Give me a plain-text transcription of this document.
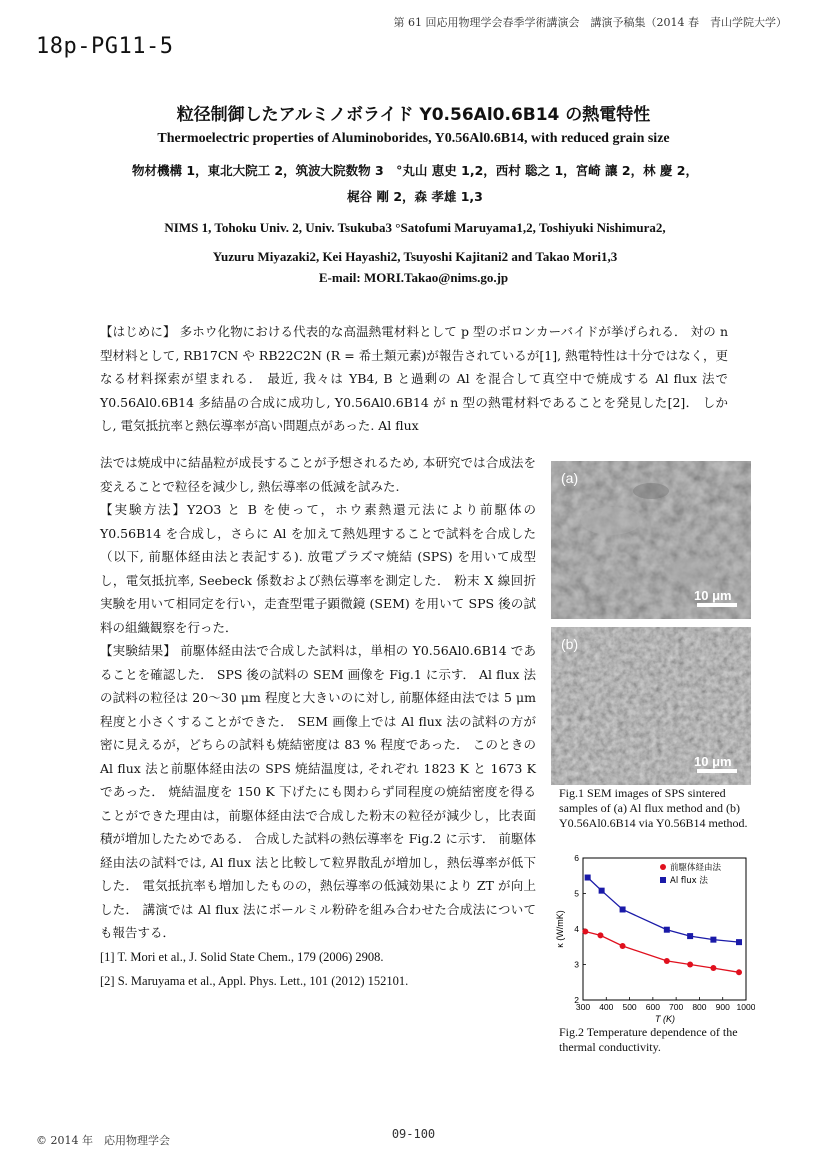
第 61 回応用物理学会春季学術講演会　講演予稿集（2014 春　青山学院大学）
18p-PG11-5
粒径制御したアルミノボライド Y0.56Al0.6B14 の熱電特性
Thermoelectric properties of Aluminoborides, Y0.56Al0.6B14, with reduced grain size
物材機構 1，東北大院工 2，筑波大院数物 3　°丸山 恵史 1,2，西村 聡之 1，宮崎 讓 2，林 慶 2，
梶谷 剛 2，森 孝雄 1,3
NIMS 1, Tohoku Univ. 2, Univ. Tsukuba3 °Satofumi Maruyama1,2, Toshiyuki Nishimura2,
Yuzuru Miyazaki2, Kei Hayashi2, Tsuyoshi Kajitani2 and Takao Mori1,3
E-mail: MORI.Takao@nims.go.jp

【はじめに】 多ホウ化物における代表的な高温熱電材料として p 型のボロンカーバイドが挙げられる． 対の n 型材料として, RB17CN や RB22C2N (R = 希土類元素)が報告されているが[1], 熱電特性は十分ではなく，更なる材料探索が望まれる． 最近, 我々は YB4, B と過剰の Al を混合して真空中で焼成する Al flux 法で Y0.56Al0.6B14 多結晶の合成に成功し, Y0.56Al0.6B14 が n 型の熱電材料であることを発見した[2]． しかし, 電気抵抗率と熱伝導率が高い問題点があった. Al flux

法では焼成中に結晶粒が成長することが予想されるため, 本研究では合成法を変えることで粒径を減少し, 熱伝導率の低減を試みた.

【実験方法】Y2O3 と B を使って，ホウ素熱還元法により前駆体の Y0.56B14 を合成し，さらに Al を加えて熱処理することで試料を合成した（以下, 前駆体経由法と表記する). 放電プラズマ焼結 (SPS) を用いて成型し，電気抵抗率, Seebeck 係数および熱伝導率を測定した． 粉末 X 線回折実験を用いて相同定を行い，走査型電子顕微鏡 (SEM) を用いて SPS 後の試料の組織観察を行った．

【実験結果】 前駆体経由法で合成した試料は，単相の Y0.56Al0.6B14 であることを確認した． SPS 後の試料の SEM 画像を Fig.1 に示す． Al flux 法の試料の粒径は 20〜30 μm 程度と大きいのに対し, 前駆体経由法では 5 μm 程度と小さくすることができた． SEM 画像上では Al flux 法の試料の方が密に見えるが，どちらの試料も焼結密度は 83 % 程度であった． このときの Al flux 法と前駆体経由法の SPS 焼結温度は, それぞれ 1823 K と 1673 K であった． 焼結温度を 150 K 下げたにも関わらず同程度の焼結密度を得ることができた理由は，前駆体経由法で合成した粉末の粒径が減少し，比表面積が増加したためである． 合成した試料の熱伝導率を Fig.2 に示す． 前駆体経由法の試料では, Al flux 法と比較して粒界散乱が増加し，熱伝導率が低下した． 電気抵抗率も増加したものの，熱伝導率の低減効果により ZT が向上した． 講演では Al flux 法にボールミル粉砕を組み合わせた合成法についても報告する．

[1] T. Mori et al., J. Solid State Chem., 179 (2006) 2908.
[2] S. Maruyama et al., Appl. Phys. Lett., 101 (2012) 152101.
(a)
10 μm
(b)
10 μm
Fig.1 SEM images of SPS sintered samples of (a) Al flux method and (b) Y0.56Al0.6B14 via Y0.56B14 method.
300 400 500 600 700 800 900 1000
2
3
4
5
6
前駆体経由法
Al flux 法
T (K)
κ (W/mK)
Fig.2 Temperature dependence of the thermal conductivity.
© 2014 年　応用物理学会	09-100
